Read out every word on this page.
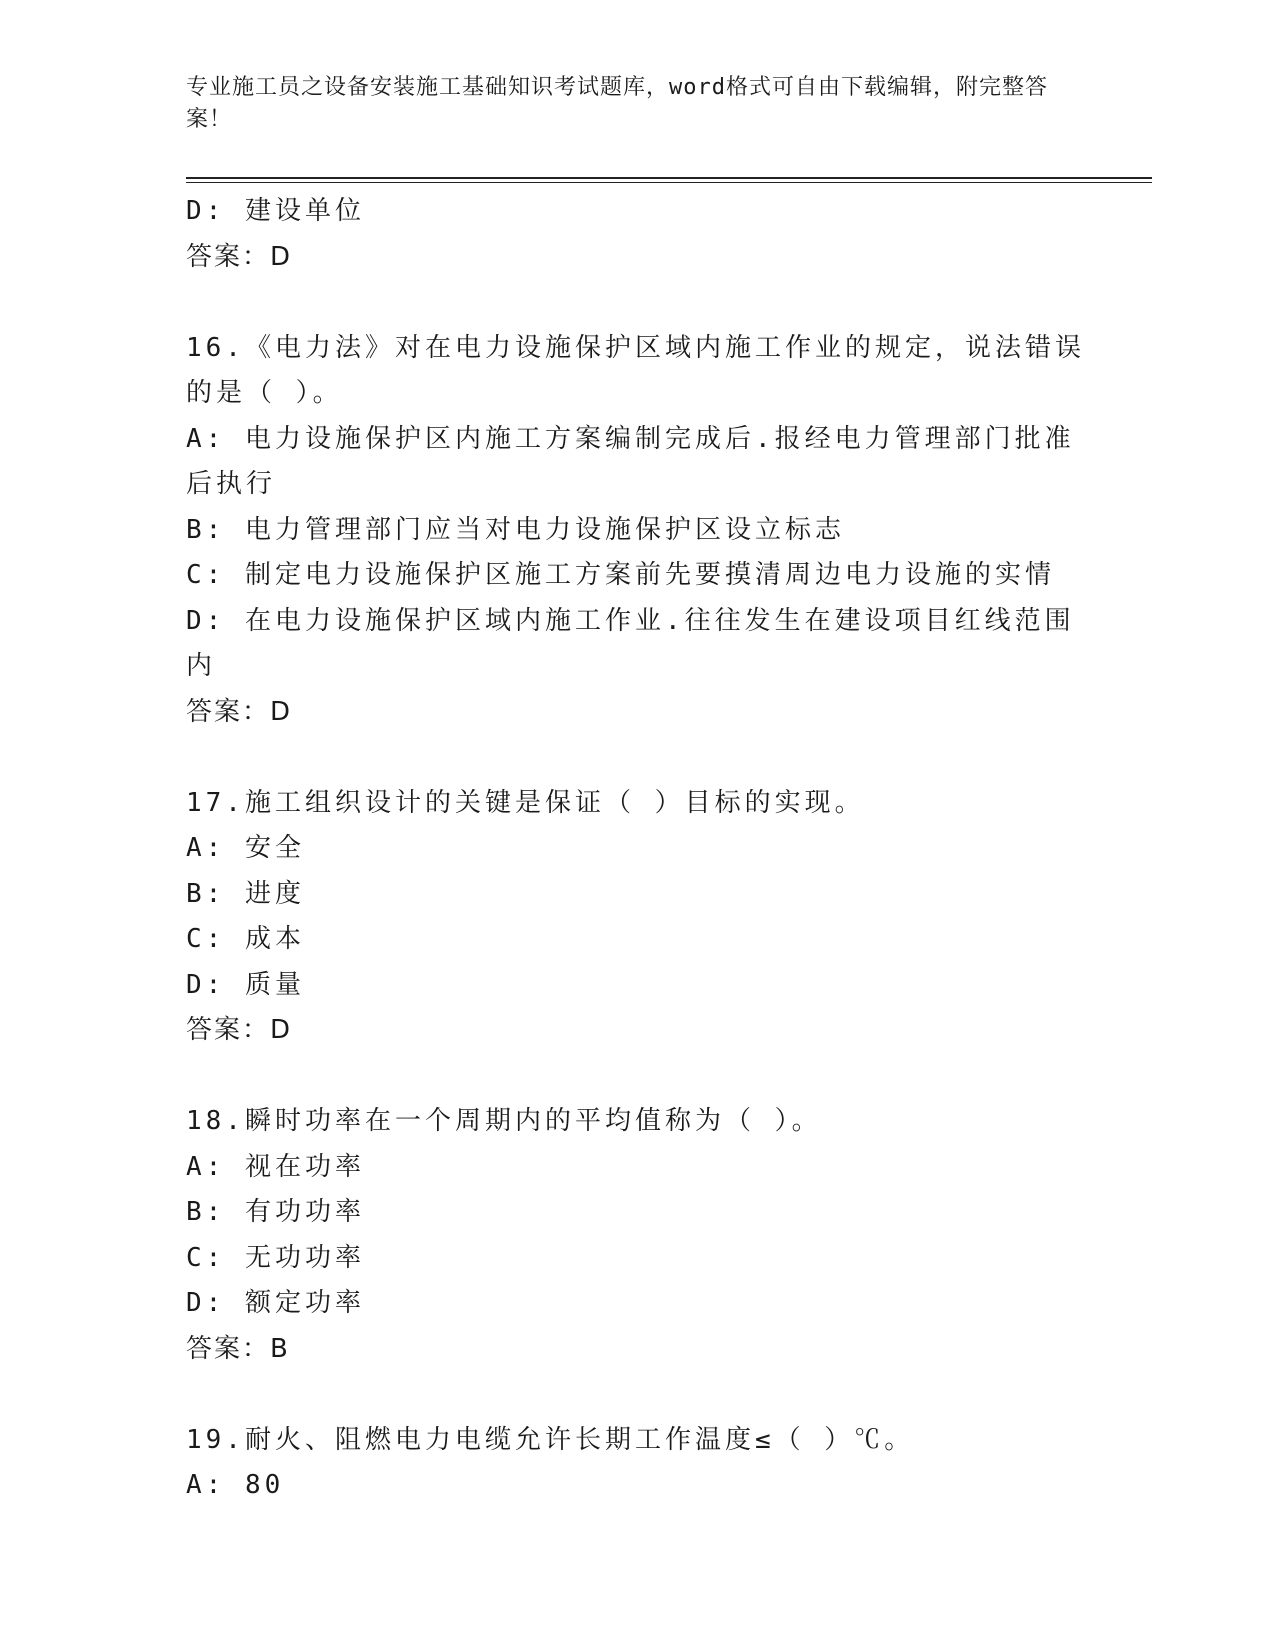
专业施工员之设备安装施工基础知识考试题库，word格式可自由下载编辑，附完整答案！
D: 建设单位
答案：D
16.《电力法》对在电力设施保护区域内施工作业的规定，说法错误的是（ ）。
A: 电力设施保护区内施工方案编制完成后.报经电力管理部门批准后执行
B: 电力管理部门应当对电力设施保护区设立标志
C: 制定电力设施保护区施工方案前先要摸清周边电力设施的实情
D: 在电力设施保护区域内施工作业.往往发生在建设项目红线范围内
答案：D
17.施工组织设计的关键是保证（ ）目标的实现。
A: 安全
B: 进度
C: 成本
D: 质量
答案：D
18.瞬时功率在一个周期内的平均值称为（ ）。
A: 视在功率
B: 有功功率
C: 无功功率
D: 额定功率
答案：B
19.耐火、阻燃电力电缆允许长期工作温度≤（ ）℃。
A: 80
